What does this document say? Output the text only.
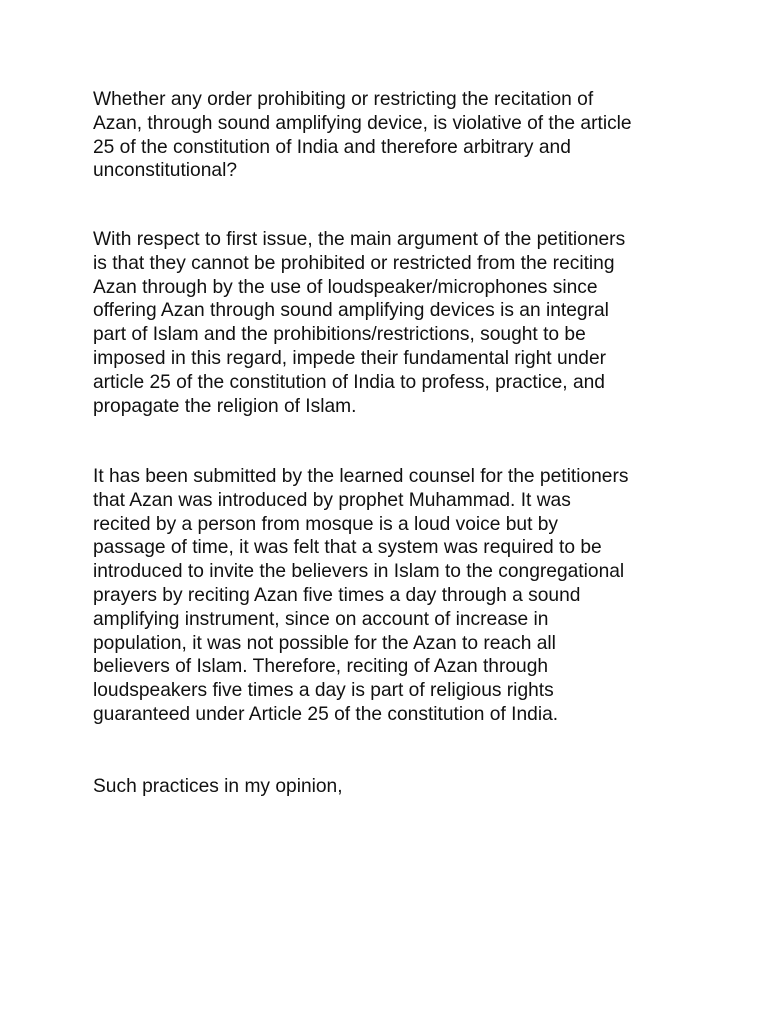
Whether any order prohibiting or restricting the recitation of
Azan, through sound amplifying device, is violative of the article
25 of the constitution of India and therefore arbitrary and
unconstitutional?

With respect to first issue, the main argument of the petitioners
is that they cannot be prohibited or restricted from the reciting
Azan through by the use of loudspeaker/microphones since
offering Azan through sound amplifying devices is an integral
part of Islam and the prohibitions/restrictions, sought to be
imposed in this regard, impede their fundamental right under
article 25 of the constitution of India to profess, practice, and
propagate the religion of Islam.

It has been submitted by the learned counsel for the petitioners
that Azan was introduced by prophet Muhammad. It was
recited by a person from mosque is a loud voice but by
passage of time, it was felt that a system was required to be
introduced to invite the believers in Islam to the congregational
prayers by reciting Azan five times a day through a sound
amplifying instrument, since on account of increase in
population, it was not possible for the Azan to reach all
believers of Islam. Therefore, reciting of Azan through
loudspeakers five times a day is part of religious rights
guaranteed under Article 25 of the constitution of India.

Such practices in my opinion,
